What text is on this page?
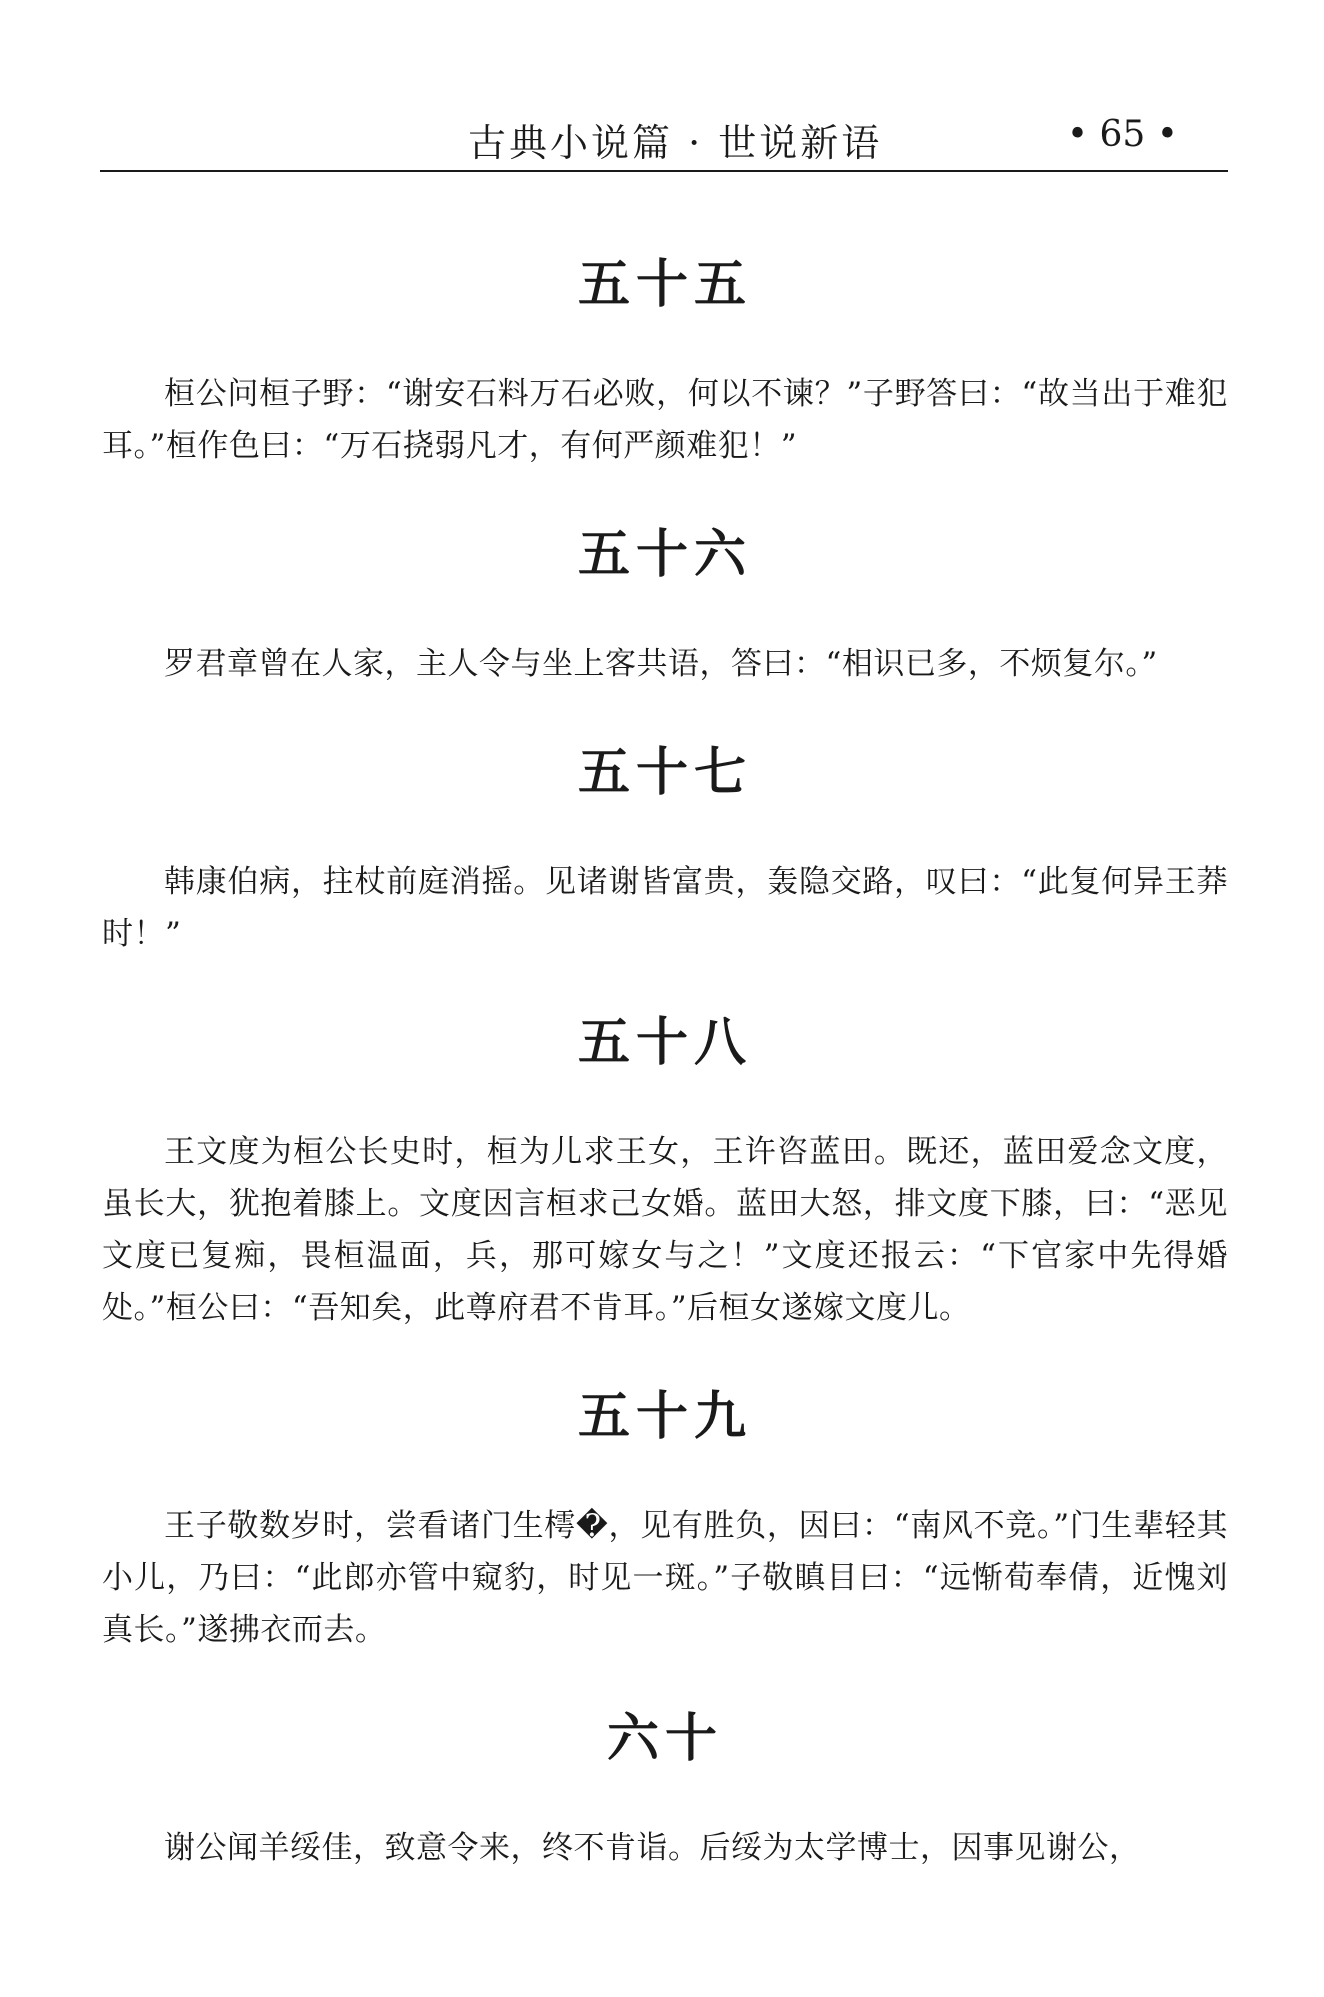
古典小说篇 · 世说新语	• 65 •
五十五

桓公问桓子野：“谢安石料万石必败，何以不谏？”子野答曰：“故当出于难犯耳。”桓作色曰：“万石挠弱凡才，有何严颜难犯！”

五十六

罗君章曾在人家，主人令与坐上客共语，答曰：“相识已多，不烦复尔。”

五十七

韩康伯病，拄杖前庭消摇。见诸谢皆富贵，轰隐交路，叹曰：“此复何异王莽时！”

五十八

王文度为桓公长史时，桓为儿求王女，王许咨蓝田。既还，蓝田爱念文度，虽长大，犹抱着膝上。文度因言桓求己女婚。蓝田大怒，排文度下膝，曰：“恶见文度已复痴，畏桓温面，兵，那可嫁女与之！”文度还报云：“下官家中先得婚处。”桓公曰：“吾知矣，此尊府君不肯耳。”后桓女遂嫁文度儿。

五十九

王子敬数岁时，尝看诸门生樗�，见有胜负，因曰：“南风不竞。”门生辈轻其小儿，乃曰：“此郎亦管中窥豹，时见一斑。”子敬瞋目曰：“远惭荀奉倩，近愧刘真长。”遂拂衣而去。

六十

谢公闻羊绥佳，致意令来，终不肯诣。后绥为太学博士，因事见谢公，
